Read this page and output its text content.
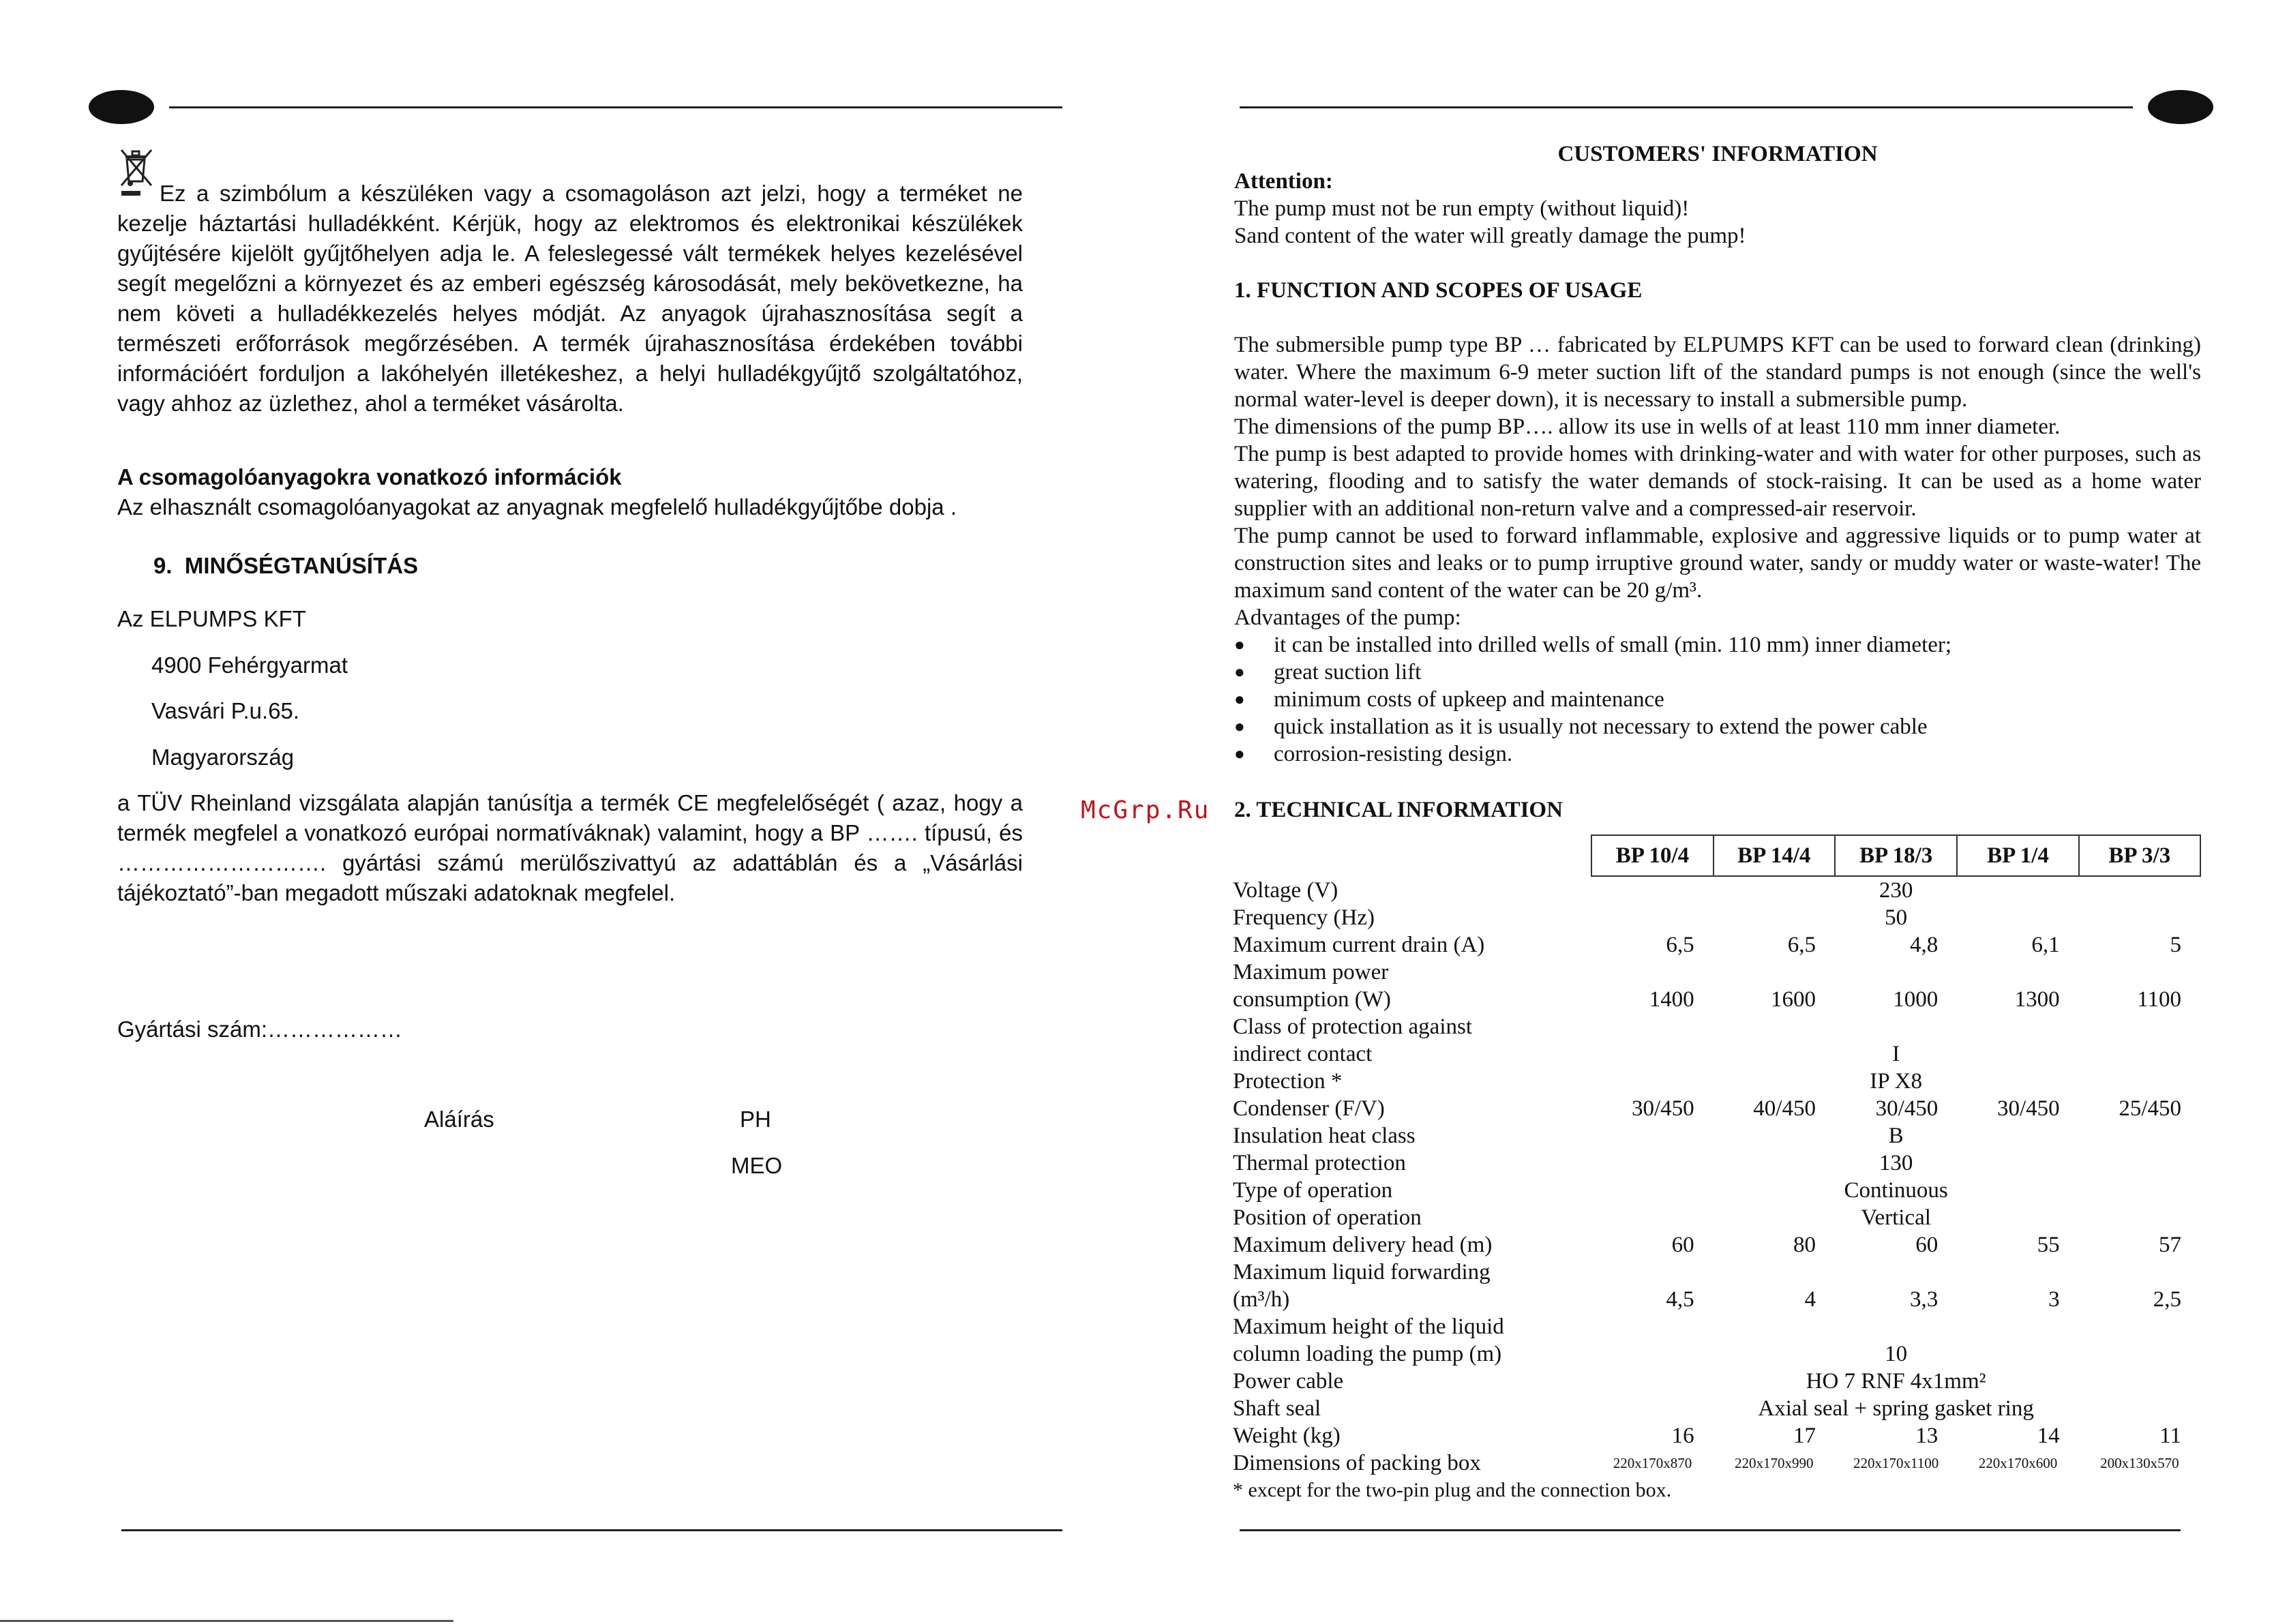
Ez a szimbólum a készüléken vagy a csomagoláson azt jelzi, hogy a terméket ne kezelje háztartási hulladékként. Kérjük, hogy az elektromos és elektronikai készülékek gyűjtésére kijelölt gyűjtőhelyen adja le. A feleslegessé vált termékek helyes kezelésével segít megelőzni a környezet és az emberi egészség károsodását, mely bekövetkezne, ha nem követi a hulladékkezelés helyes módját. Az anyagok újrahasznosítása segít a természeti erőforrások megőrzésében. A termék újrahasznosítása érdekében további információért forduljon a lakóhelyén illetékeshez, a helyi hulladékgyűjtő szolgáltatóhoz, vagy ahhoz az üzlethez, ahol a terméket vásárolta.
A csomagolóanyagokra vonatkozó információk
Az elhasznált csomagolóanyagokat az anyagnak megfelelő hulladékgyűjtőbe dobja .
9.  MINŐSÉGTANÚSÍTÁS
Az ELPUMPS KFT
4900 Fehérgyarmat
Vasvári P.u.65.
Magyarország
a TÜV Rheinland vizsgálata alapján tanúsítja a termék CE megfelelőségét ( azaz, hogy a termék megfelel a vonatkozó európai normatíváknak) valamint, hogy a BP ……. típusú, és ………………………. gyártási számú merülőszivattyú az adattáblán és a „Vásárlási tájékoztató”-ban megadott műszaki adatoknak megfelel.
Gyártási szám:………………
Aláírás	PH
MEO
McGrp.Ru
CUSTOMERS' INFORMATION
Attention:
The pump must not be run empty (without liquid)!
Sand content of the water will greatly damage the pump!
1. FUNCTION AND SCOPES OF USAGE
The submersible pump type BP … fabricated by ELPUMPS KFT can be used to forward clean (drinking) water. Where the maximum 6-9 meter suction lift of the standard pumps is not enough (since the well's normal water-level is deeper down), it is necessary to install a submersible pump.
The dimensions of the pump BP…. allow its use in wells of at least 110 mm inner diameter.
The pump is best adapted to provide homes with drinking-water and with water for other purposes, such as watering, flooding and to satisfy the water demands of stock-raising. It can be used as a home water supplier with an additional non-return valve and a compressed-air reservoir.
The pump cannot be used to forward inflammable, explosive and aggressive liquids or to pump water at construction sites and leaks or to pump irruptive ground water, sandy or muddy water or waste-water! The maximum sand content of the water can be 20 g/m³.
Advantages of the pump:
● it can be installed into drilled wells of small (min. 110 mm) inner diameter;
● great suction lift
● minimum costs of upkeep and maintenance
● quick installation as it is usually not necessary to extend the power cable
● corrosion-resisting design.
2. TECHNICAL INFORMATION
	BP 10/4	BP 14/4	BP 18/3	BP 1/4	BP 3/3
Voltage (V)	230				
Frequency (Hz)	50				
Maximum current drain (A)	6,5	6,5	4,8	6,1	5

Maximum power
consumption (W)	1400	1600	1000	1300	1100

Class of protection against
indirect contact	I				
Protection *	IP X8				
Condenser (F/V)	30/450	40/450	30/450	30/450	25/450
Insulation heat class	B				
Thermal protection	130				
Type of operation	Continuous				
Position of operation	Vertical				
Maximum delivery head (m)	60	80	60	55	57

Maximum liquid forwarding
(m³/h)	4,5	4	3,3	3	2,5

Maximum height of the liquid
column loading the pump (m)	10				
Power cable	HO 7 RNF 4x1mm²				
Shaft seal	Axial seal + spring gasket ring				
Weight (kg)	16	17	13	14	11
Dimensions of packing box	220x170x870	220x170x990	220x170x1100	220x170x600	200x130x570
* except for the two-pin plug and the connection box.					
